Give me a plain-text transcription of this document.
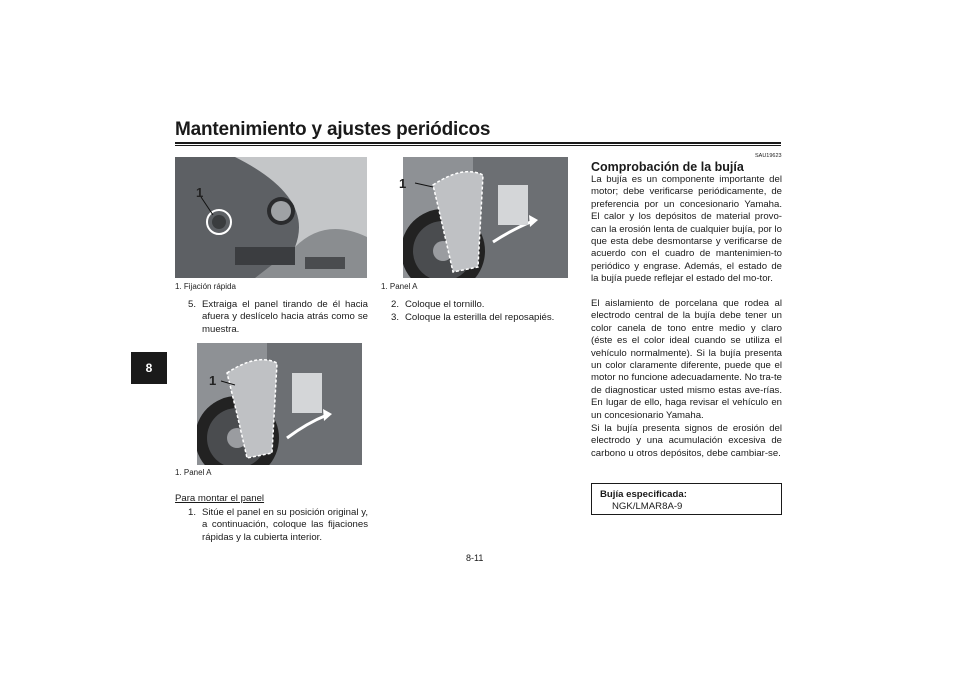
Mantenimiento y ajustes periódicos
8
1
1. Fijación rápida
5. Extraiga el panel tirando de él hacia afuera y deslícelo hacia atrás como se muestra.
1
1. Panel A
Para montar el panel
1. Sitúe el panel en su posición original y, a continuación, coloque las fijaciones rápidas y la cubierta interior.
1
1. Panel A
2. Coloque el tornillo.
3. Coloque la esterilla del reposapiés.
SAU19623
Comprobación de la bujía
La bujía es un componente importante del motor; debe verificarse periódicamente, de preferencia por un concesionario Yamaha. El calor y los depósitos de material provo-can la erosión lenta de cualquier bujía, por lo que esta debe desmontarse y verificarse de acuerdo con el cuadro de mantenimien-to periódico y engrase. Además, el estado de la bujía puede reflejar el estado del mo-tor.
El aislamiento de porcelana que rodea al electrodo central de la bujía debe tener un color canela de tono entre medio y claro (éste es el color ideal cuando se utiliza el vehículo normalmente). Si la bujía presenta un color claramente diferente, puede que el motor no funcione adecuadamente. No tra-te de diagnosticar usted mismo estas ave-rías. En lugar de ello, haga revisar el vehículo en un concesionario Yamaha.
Si la bujía presenta signos de erosión del electrodo y una acumulación excesiva de carbono u otros depósitos, debe cambiar-se.
Bujía especificada:
NGK/LMAR8A-9
8-11
